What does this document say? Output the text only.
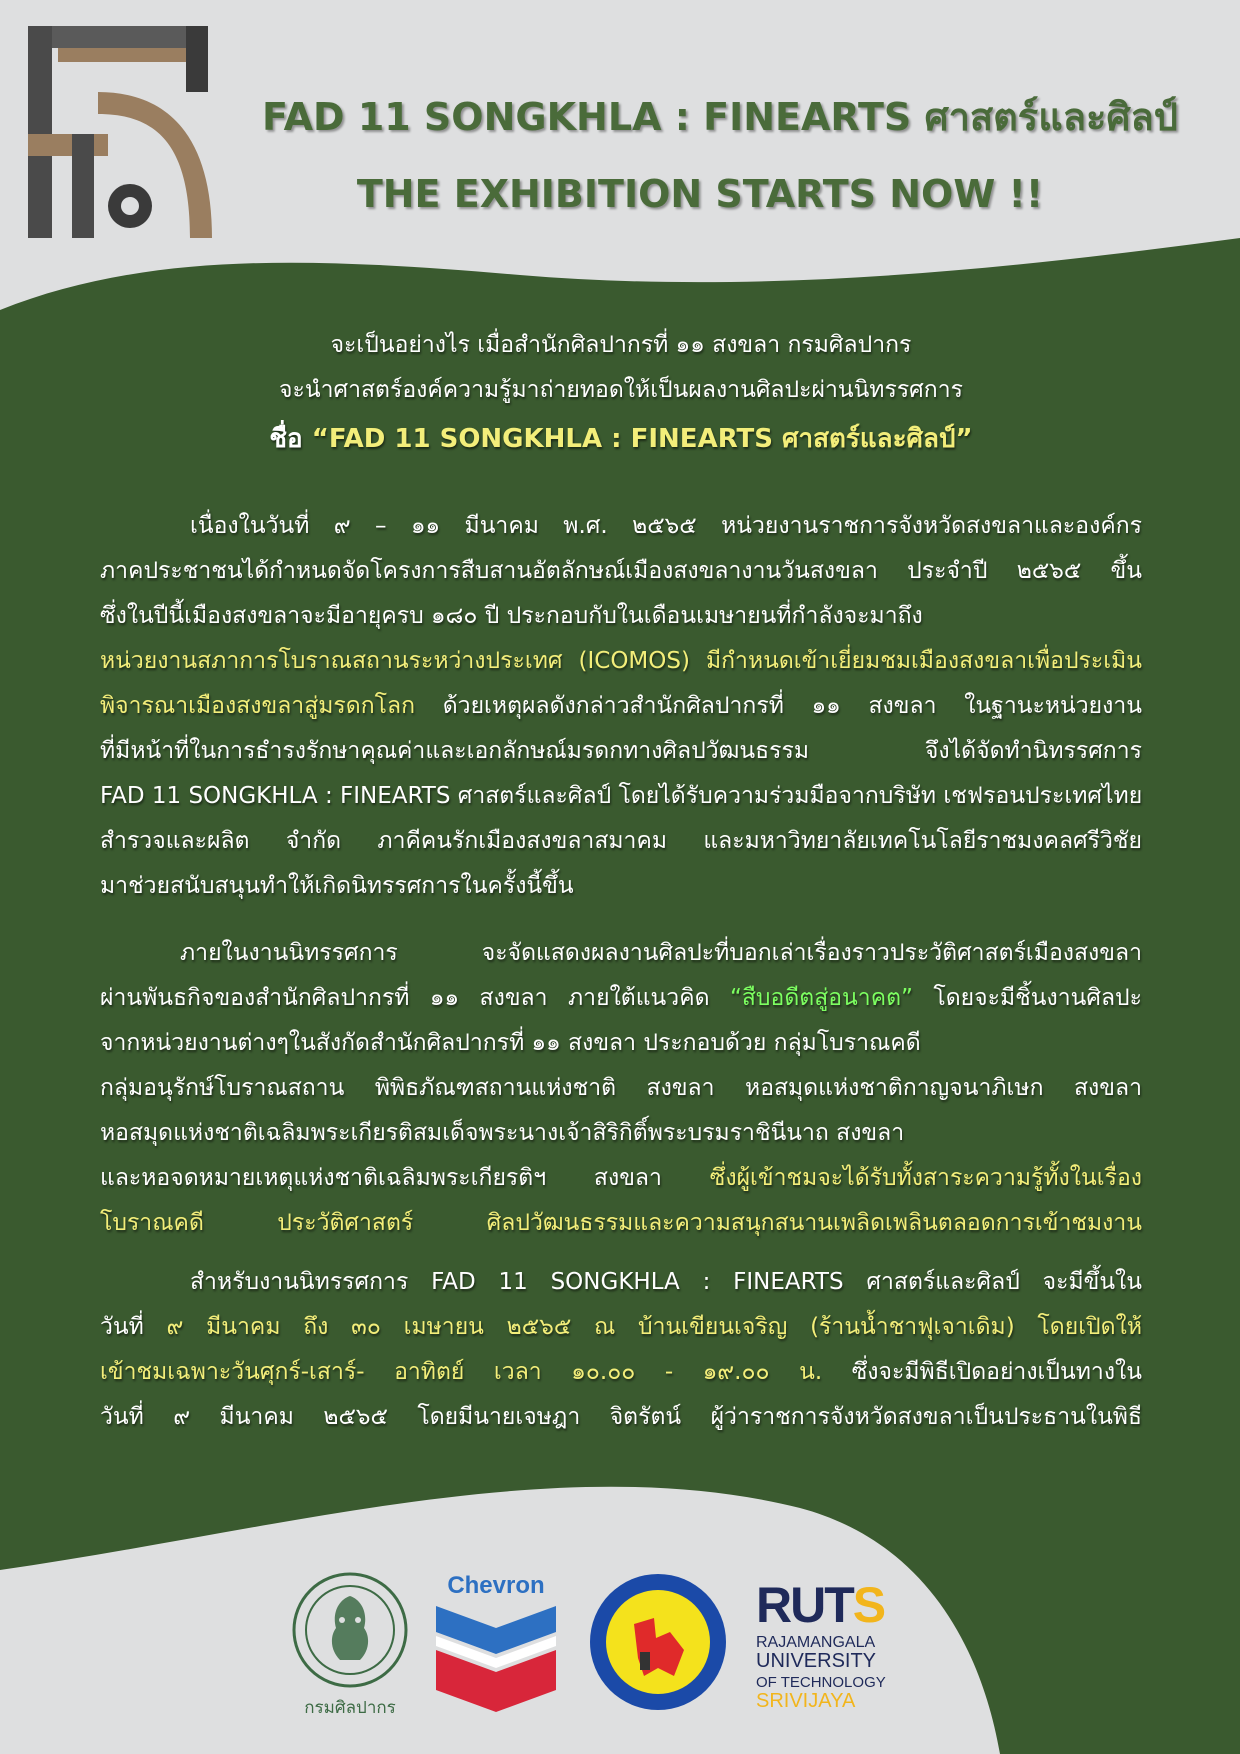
FAD 11 SONGKHLA : FINEARTS ศาสตร์และศิลป์
THE EXHIBITION STARTS NOW !!
จะเป็นอย่างไร เมื่อสำนักศิลปากรที่ ๑๑ สงขลา กรมศิลปากร
จะนำศาสตร์องค์ความรู้มาถ่ายทอดให้เป็นผลงานศิลปะผ่านนิทรรศการ
ชื่อ “FAD 11 SONGKHLA : FINEARTS ศาสตร์และศิลป์”
เนื่องในวันที่ ๙ – ๑๑ มีนาคม พ.ศ. ๒๕๖๕ หน่วยงานราชการจังหวัดสงขลาและองค์กร
ภาคประชาชนได้กำหนดจัดโครงการสืบสานอัตลักษณ์เมืองสงขลางานวันสงขลา ประจำปี ๒๕๖๕ ขึ้น
ซึ่งในปีนี้เมืองสงขลาจะมีอายุครบ ๑๘๐ ปี ประกอบกับในเดือนเมษายนที่กำลังจะมาถึง
หน่วยงานสภาการโบราณสถานระหว่างประเทศ (ICOMOS) มีกำหนดเข้าเยี่ยมชมเมืองสงขลาเพื่อประเมิน
พิจารณาเมืองสงขลาสู่มรดกโลก ด้วยเหตุผลดังกล่าวสำนักศิลปากรที่ ๑๑ สงขลา ในฐานะหน่วยงาน
ที่มีหน้าที่ในการธำรงรักษาคุณค่าและเอกลักษณ์มรดกทางศิลปวัฒนธรรม จึงได้จัดทำนิทรรศการ
FAD 11 SONGKHLA : FINEARTS ศาสตร์และศิลป์ โดยได้รับความร่วมมือจากบริษัท เชฟรอนประเทศไทย
สำรวจและผลิต จำกัด ภาคีคนรักเมืองสงขลาสมาคม และมหาวิทยาลัยเทคโนโลยีราชมงคลศรีวิชัย
มาช่วยสนับสนุนทำให้เกิดนิทรรศการในครั้งนี้ขึ้น
ภายในงานนิทรรศการ จะจัดแสดงผลงานศิลปะที่บอกเล่าเรื่องราวประวัติศาสตร์เมืองสงขลา
ผ่านพันธกิจของสำนักศิลปากรที่ ๑๑ สงขลา ภายใต้แนวคิด “สืบอดีตสู่อนาคต” โดยจะมีชิ้นงานศิลปะ
จากหน่วยงานต่างๆในสังกัดสำนักศิลปากรที่ ๑๑ สงขลา ประกอบด้วย กลุ่มโบราณคดี
กลุ่มอนุรักษ์โบราณสถาน พิพิธภัณฑสถานแห่งชาติ สงขลา หอสมุดแห่งชาติกาญจนาภิเษก สงขลา
หอสมุดแห่งชาติเฉลิมพระเกียรติสมเด็จพระนางเจ้าสิริกิติ์พระบรมราชินีนาถ สงขลา
และหอจดหมายเหตุแห่งชาติเฉลิมพระเกียรติฯ สงขลา ซึ่งผู้เข้าชมจะได้รับทั้งสาระความรู้ทั้งในเรื่อง
โบราณคดี ประวัติศาสตร์ ศิลปวัฒนธรรมและความสนุกสนานเพลิดเพลินตลอดการเข้าชมงาน
สำหรับงานนิทรรศการ FAD 11 SONGKHLA : FINEARTS ศาสตร์และศิลป์ จะมีขึ้นใน
วันที่ ๙ มีนาคม ถึง ๓๐ เมษายน ๒๕๖๕ ณ บ้านเขียนเจริญ (ร้านน้ำชาฟุเจาเดิม) โดยเปิดให้
เข้าชมเฉพาะวันศุกร์-เสาร์- อาทิตย์ เวลา ๑๐.๐๐ - ๑๙.๐๐ น. ซึ่งจะมีพิธีเปิดอย่างเป็นทางใน
วันที่ ๙ มีนาคม ๒๕๖๕ โดยมีนายเจษฎา จิตรัตน์ ผู้ว่าราชการจังหวัดสงขลาเป็นประธานในพิธี
กรมศิลปากร
Chevron	RUTS
RAJAMANGALA
UNIVERSITY
OF TECHNOLOGY
SRIVIJAYA
